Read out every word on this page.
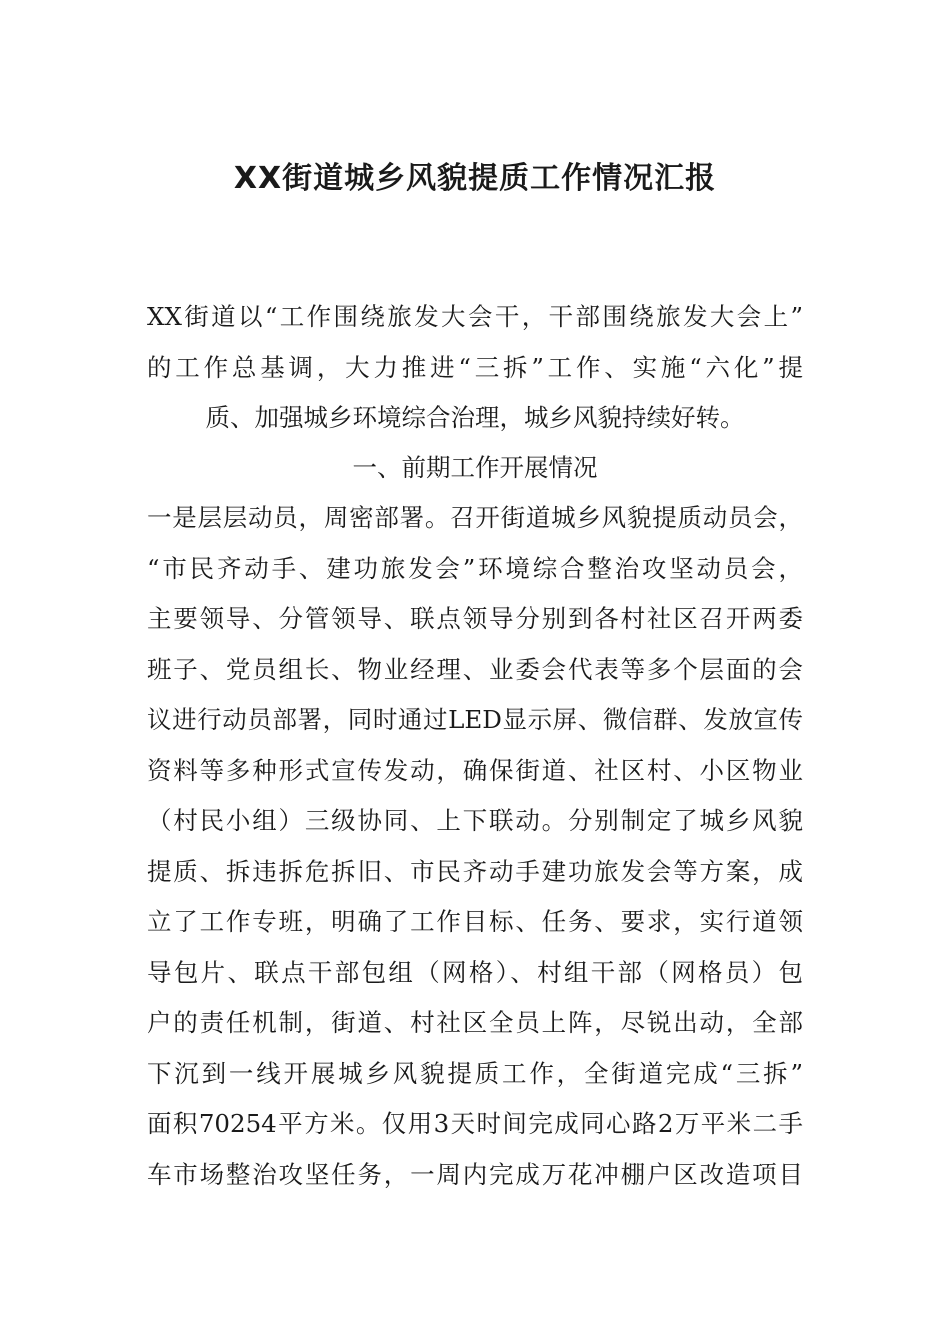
XX街道城乡风貌提质工作情况汇报
XX街道以“工作围绕旅发大会干，干部围绕旅发大会上”
的工作总基调，大力推进“三拆”工作、实施“六化”提
质、加强城乡环境综合治理，城乡风貌持续好转。
一、前期工作开展情况
一是层层动员，周密部署。召开街道城乡风貌提质动员会，
“市民齐动手、建功旅发会”环境综合整治攻坚动员会，
主要领导、分管领导、联点领导分别到各村社区召开两委
班子、党员组长、物业经理、业委会代表等多个层面的会
议进行动员部署，同时通过LED显示屏、微信群、发放宣传
资料等多种形式宣传发动，确保街道、社区村、小区物业
（村民小组）三级协同、上下联动。分别制定了城乡风貌
提质、拆违拆危拆旧、市民齐动手建功旅发会等方案，成
立了工作专班，明确了工作目标、任务、要求，实行道领
导包片、联点干部包组（网格）、村组干部（网格员）包
户的责任机制，街道、村社区全员上阵，尽锐出动，全部
下沉到一线开展城乡风貌提质工作，全街道完成“三拆”
面积70254平方米。仅用3天时间完成同心路2万平米二手
车市场整治攻坚任务，一周内完成万花冲棚户区改造项目
